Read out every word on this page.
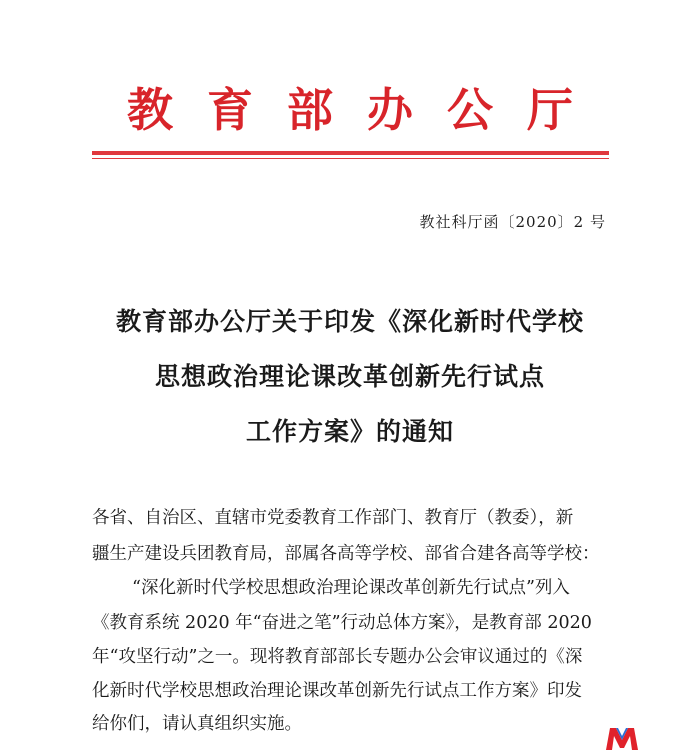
教育部办公厅
教社科厅函〔2020〕2 号
教育部办公厅关于印发《深化新时代学校
思想政治理论课改革创新先行试点
工作方案》的通知
各省、自治区、直辖市党委教育工作部门、教育厅（教委），新
疆生产建设兵团教育局，部属各高等学校、部省合建各高等学校：
“深化新时代学校思想政治理论课改革创新先行试点”列入
《教育系统 2020 年“奋进之笔”行动总体方案》，是教育部 2020
年“攻坚行动”之一。现将教育部部长专题办公会审议通过的《深
化新时代学校思想政治理论课改革创新先行试点工作方案》印发
给你们，请认真组织实施。
